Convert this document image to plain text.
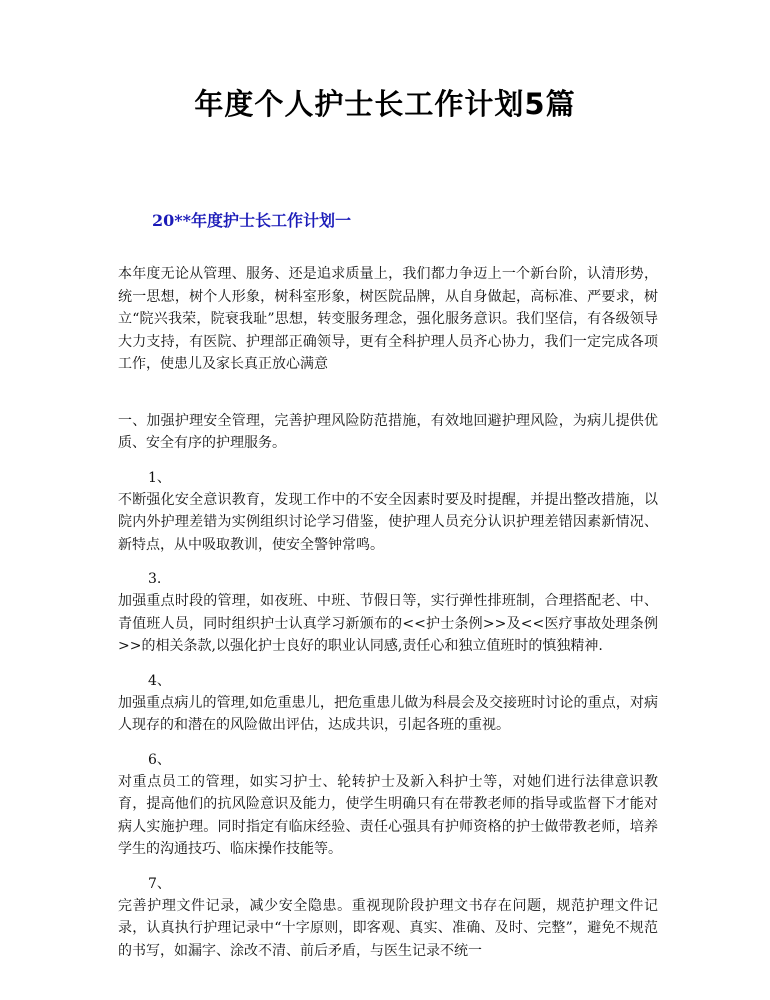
年度个人护士长工作计划5篇
20**年度护士长工作计划一

本年度无论从管理、服务、还是追求质量上，我们都力争迈上一个新台阶，认清形势，统一思想，树个人形象，树科室形象，树医院品牌，从自身做起，高标准、严要求，树立“院兴我荣，院衰我耻”思想，转变服务理念，强化服务意识。我们坚信，有各级领导大力支持，有医院、护理部正确领导，更有全科护理人员齐心协力，我们一定完成各项工作，使患儿及家长真正放心满意

一、加强护理安全管理，完善护理风险防范措施，有效地回避护理风险，为病儿提供优质、安全有序的护理服务。

1、

不断强化安全意识教育，发现工作中的不安全因素时要及时提醒，并提出整改措施，以院内外护理差错为实例组织讨论学习借鉴，使护理人员充分认识护理差错因素新情况、新特点，从中吸取教训，使安全警钟常鸣。

3.

加强重点时段的管理，如夜班、中班、节假日等，实行弹性排班制，合理搭配老、中、青值班人员，同时组织护士认真学习新颁布的<<护士条例>>及<<医疗事故处理条例>>的相关条款,以强化护士良好的职业认同感,责任心和独立值班时的慎独精神.

4、

加强重点病儿的管理,如危重患儿，把危重患儿做为科晨会及交接班时讨论的重点，对病人现存的和潜在的风险做出评估，达成共识，引起各班的重视。

6、

对重点员工的管理，如实习护士、轮转护士及新入科护士等，对她们进行法律意识教育，提高他们的抗风险意识及能力，使学生明确只有在带教老师的指导或监督下才能对病人实施护理。同时指定有临床经验、责任心强具有护师资格的护士做带教老师，培养学生的沟通技巧、临床操作技能等。

7、

完善护理文件记录，减少安全隐患。重视现阶段护理文书存在问题，规范护理文件记录，认真执行护理记录中“十字原则，即客观、真实、准确、及时、完整”，避免不规范的书写，如漏字、涂改不清、前后矛盾，与医生记录不统一
